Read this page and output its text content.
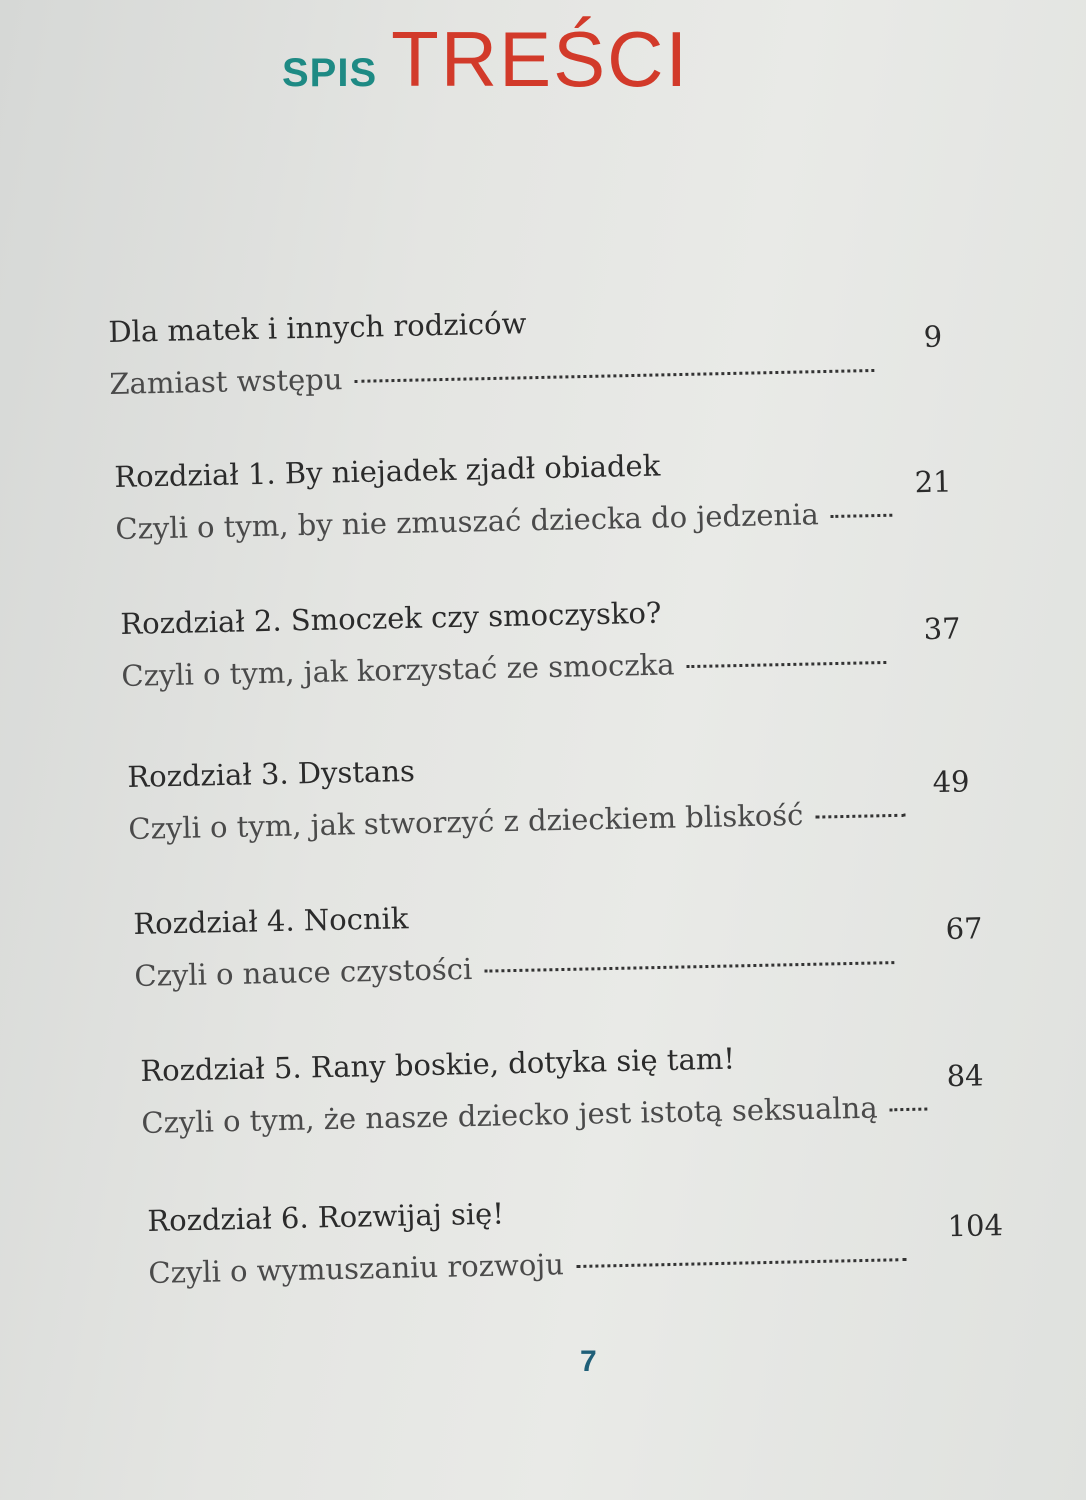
SPIS TREŚCI
Dla matek i innych rodziców
Zamiast wstępu
9
Rozdział 1. By niejadek zjadł obiadek
Czyli o tym, by nie zmuszać dziecka do jedzenia
21
Rozdział 2. Smoczek czy smoczysko?
Czyli o tym, jak korzystać ze smoczka
37
Rozdział 3. Dystans
Czyli o tym, jak stworzyć z dzieckiem bliskość
49
Rozdział 4. Nocnik
Czyli o nauce czystości
67
Rozdział 5. Rany boskie, dotyka się tam!
Czyli o tym, że nasze dziecko jest istotą seksualną
84
Rozdział 6. Rozwijaj się!
Czyli o wymuszaniu rozwoju
104
7
